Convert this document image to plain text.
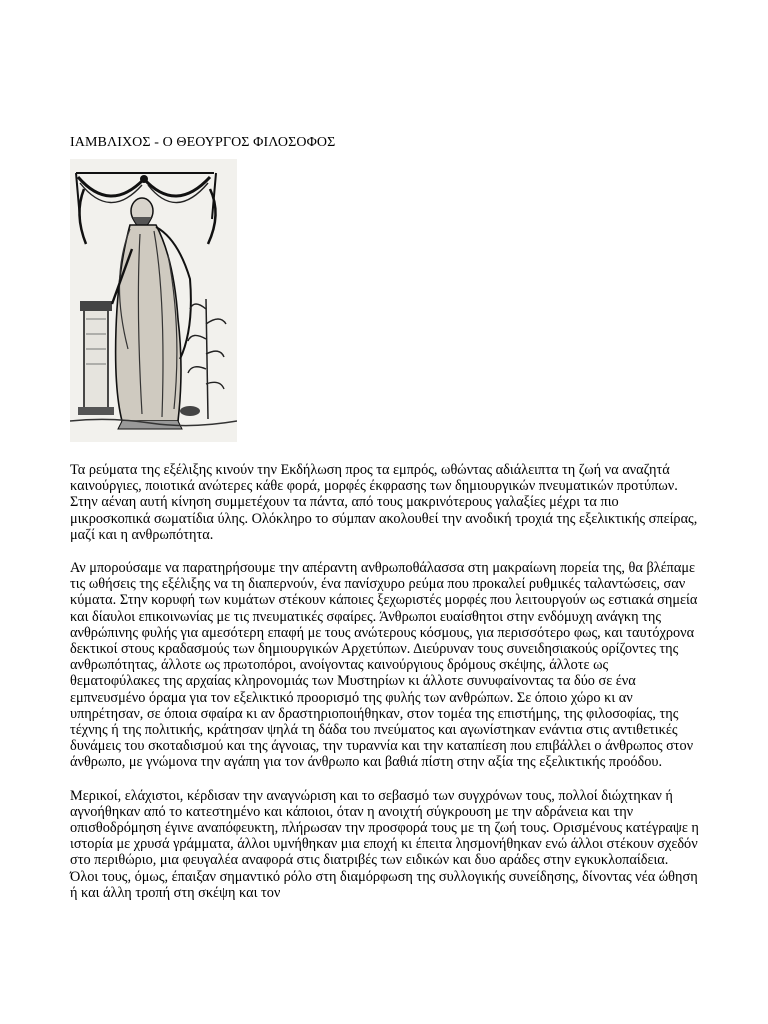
ΙΑΜΒΛΙΧΟΣ - Ο ΘΕΟΥΡΓΟΣ ΦΙΛΟΣΟΦΟΣ

Τα ρεύματα της εξέλιξης κινούν την Εκδήλωση προς τα εμπρός, ωθώντας αδιάλειπτα τη ζωή να αναζητά καινούργιες, ποιοτικά ανώτερες κάθε φορά, μορφές έκφρασης των δημιουργικών πνευματικών προτύπων. Στην αέναη αυτή κίνηση συμμετέχουν τα πάντα, από τους μακρινότερους γαλαξίες μέχρι τα πιο μικροσκοπικά σωματίδια ύλης. Ολόκληρο το σύμπαν ακολουθεί την ανοδική τροχιά της εξελικτικής σπείρας, μαζί και η ανθρωπότητα.

Αν μπορούσαμε να παρατηρήσουμε την απέραντη ανθρωποθάλασσα στη μακραίωνη πορεία της, θα βλέπαμε τις ωθήσεις της εξέλιξης να τη διαπερνούν, ένα πανίσχυρο ρεύμα που προκαλεί ρυθμικές ταλαντώσεις, σαν κύματα. Στην κορυφή των κυμάτων στέκουν κάποιες ξεχωριστές μορφές που λειτουργούν ως εστιακά σημεία και δίαυλοι επικοινωνίας με τις πνευματικές σφαίρες. Άνθρωποι ευαίσθητοι στην ενδόμυχη ανάγκη της ανθρώπινης φυλής για αμεσότερη επαφή με τους ανώτερους κόσμους, για περισσότερο φως, και ταυτόχρονα δεκτικοί στους κραδασμούς των δημιουργικών Αρχετύπων. Διεύρυναν τους συνειδησιακούς ορίζοντες της ανθρωπότητας, άλλοτε ως πρωτοπόροι, ανοίγοντας καινούργιους δρόμους σκέψης, άλλοτε ως θεματοφύλακες της αρχαίας κληρονομιάς των Μυστηρίων κι άλλοτε συνυφαίνοντας τα δύο σε ένα εμπνευσμένο όραμα για τον εξελικτικό προορισμό της φυλής των ανθρώπων. Σε όποιο χώρο κι αν υπηρέτησαν, σε όποια σφαίρα κι αν δραστηριοποιήθηκαν, στον τομέα της επιστήμης, της φιλοσοφίας, της τέχνης ή της πολιτικής, κράτησαν ψηλά τη δάδα του πνεύματος και αγωνίστηκαν ενάντια στις αντιθετικές δυνάμεις του σκοταδισμού και της άγνοιας, την τυραννία και την καταπίεση που επιβάλλει ο άνθρωπος στον άνθρωπο, με γνώμονα την αγάπη για τον άνθρωπο και βαθιά πίστη στην αξία της εξελικτικής προόδου.

Μερικοί, ελάχιστοι, κέρδισαν την αναγνώριση και το σεβασμό των συγχρόνων τους, πολλοί διώχτηκαν ή αγνοήθηκαν από το κατεστημένο και κάποιοι, όταν η ανοιχτή σύγκρουση με την αδράνεια και την οπισθοδρόμηση έγινε αναπόφευκτη, πλήρωσαν την προσφορά τους με τη ζωή τους. Ορισμένους κατέγραψε η ιστορία με χρυσά γράμματα, άλλοι υμνήθηκαν μια εποχή κι έπειτα λησμονήθηκαν ενώ άλλοι στέκουν σχεδόν στο περιθώριο, μια φευγαλέα αναφορά στις διατριβές των ειδικών και δυο αράδες στην εγκυκλοπαίδεια. Όλοι τους, όμως, έπαιξαν σημαντικό ρόλο στη διαμόρφωση της συλλογικής συνείδησης, δίνοντας νέα ώθηση ή και άλλη τροπή στη σκέψη και τον
